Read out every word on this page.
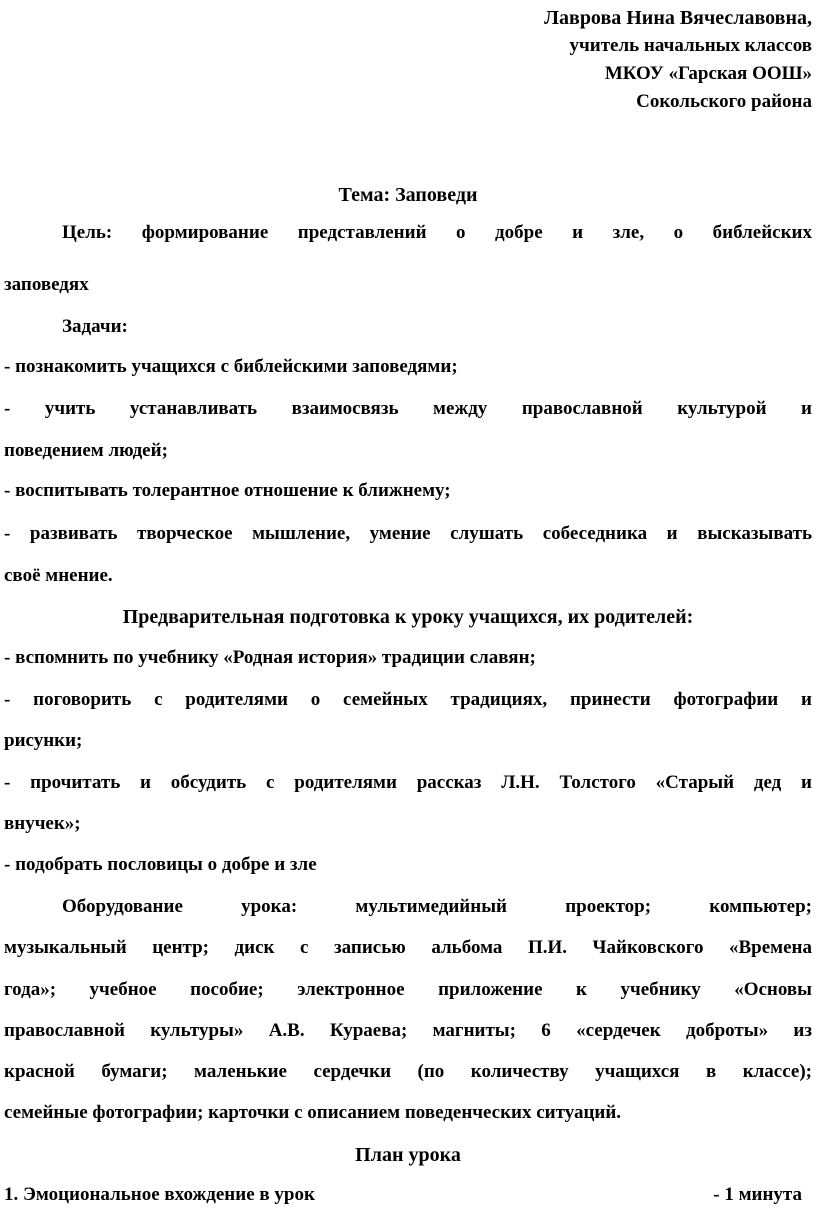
Лаврова Нина Вячеславовна,
учитель начальных классов
МКОУ «Гарская ООШ»
Сокольского района
Тема: Заповеди
Цель: формирование представлений о добре и зле, о библейских
заповедях
Задачи:
- познакомить учащихся с библейскими заповедями;
- учить устанавливать взаимосвязь между православной культурой и
поведением людей;
- воспитывать толерантное отношение к ближнему;
- развивать творческое мышление, умение слушать собеседника и высказывать
своё мнение.
Предварительная подготовка к уроку учащихся, их родителей:
- вспомнить по учебнику «Родная история» традиции славян;
- поговорить с родителями о семейных традициях, принести фотографии и
рисунки;
- прочитать и обсудить с родителями рассказ Л.Н. Толстого «Старый дед и
внучек»;
- подобрать пословицы о добре и зле
Оборудование урока:	мультимедийный проектор; компьютер;
музыкальный центр; диск с записью альбома П.И. Чайковского «Времена
года»; учебное пособие; электронное приложение к учебнику «Основы
православной культуры» А.В. Кураева; магниты; 6 «сердечек доброты» из
красной бумаги; маленькие сердечки (по количеству учащихся в классе);
семейные фотографии; карточки с описанием поведенческих ситуаций.
План урока
1. Эмоциональное вхождение в урок	- 1 минута
